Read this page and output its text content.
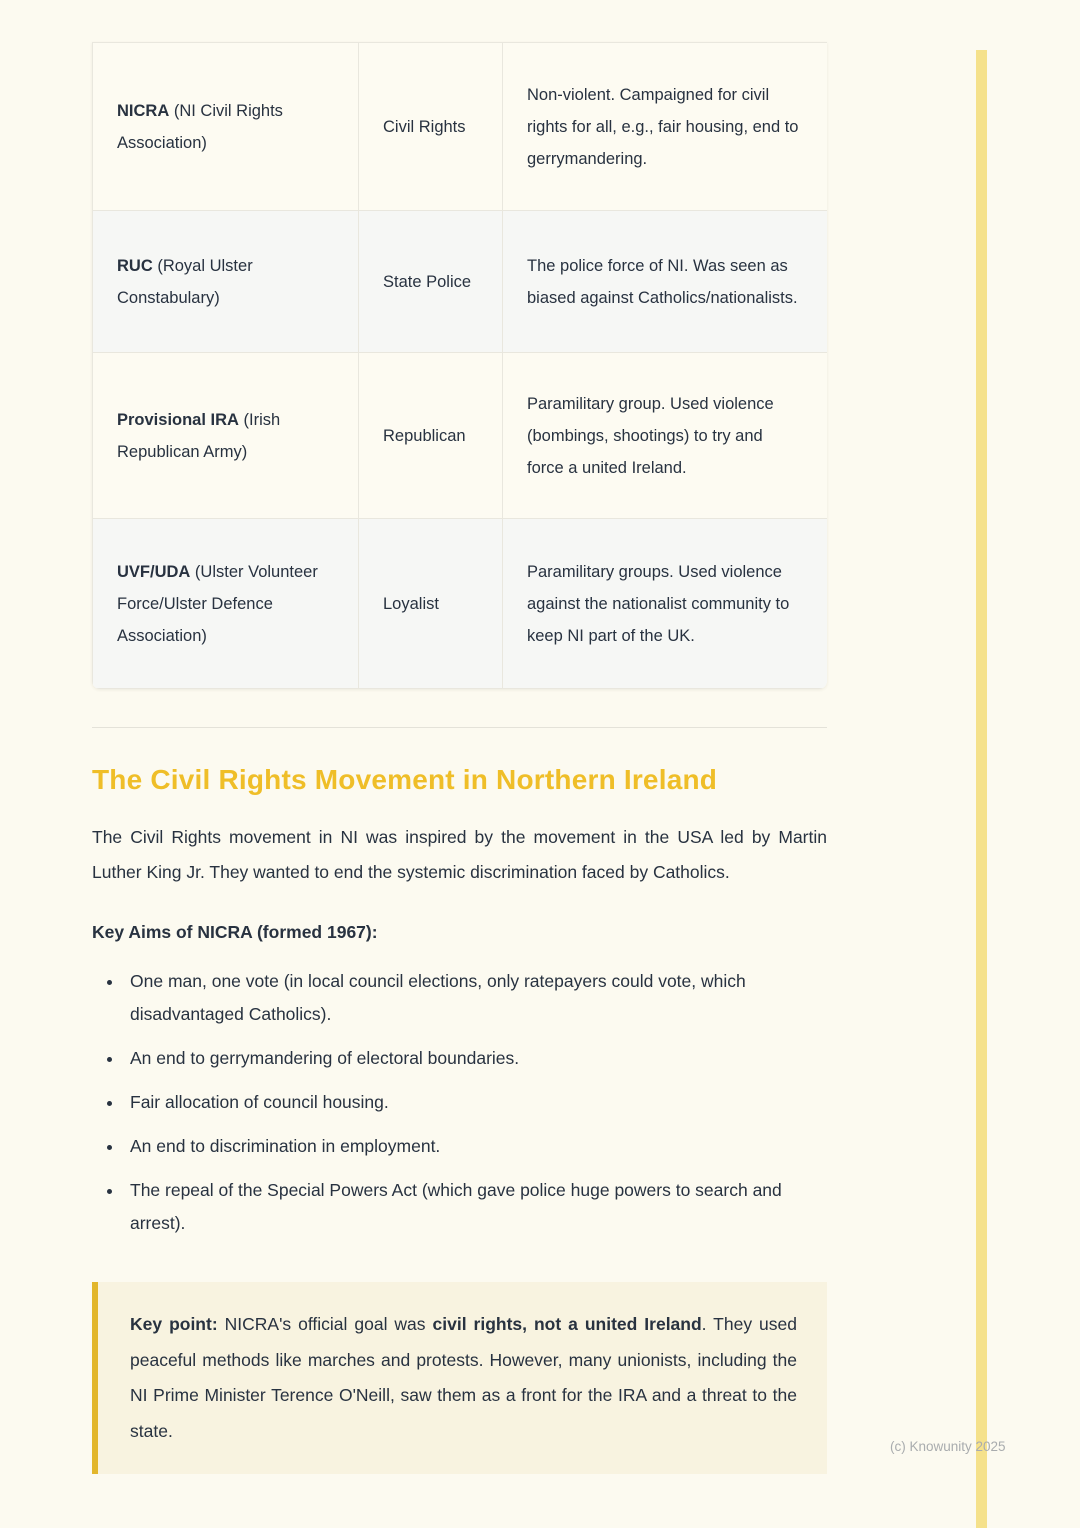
NICRA (NI Civil Rights Association)	Civil Rights	Non-violent. Campaigned for civil rights for all, e.g., fair housing, end to gerrymandering.
RUC (Royal Ulster Constabulary)	State Police	The police force of NI. Was seen as biased against Catholics/nationalists.
Provisional IRA (Irish Republican Army)	Republican	Paramilitary group. Used violence (bombings, shootings) to try and force a united Ireland.
UVF/UDA (Ulster Volunteer Force/Ulster Defence Association)	Loyalist	Paramilitary groups. Used violence against the nationalist community to keep NI part of the UK.
The Civil Rights Movement in Northern Ireland

The Civil Rights movement in NI was inspired by the movement in the USA led by Martin Luther King Jr. They wanted to end the systemic discrimination faced by Catholics.

Key Aims of NICRA (formed 1967):

• One man, one vote (in local council elections, only ratepayers could vote, which disadvantaged Catholics).
• An end to gerrymandering of electoral boundaries.
• Fair allocation of council housing.
• An end to discrimination in employment.
• The repeal of the Special Powers Act (which gave police huge powers to search and arrest).

Key point: NICRA's official goal was civil rights, not a united Ireland. They used peaceful methods like marches and protests. However, many unionists, including the NI Prime Minister Terence O'Neill, saw them as a front for the IRA and a threat to the state.

(c) Knowunity 2025
